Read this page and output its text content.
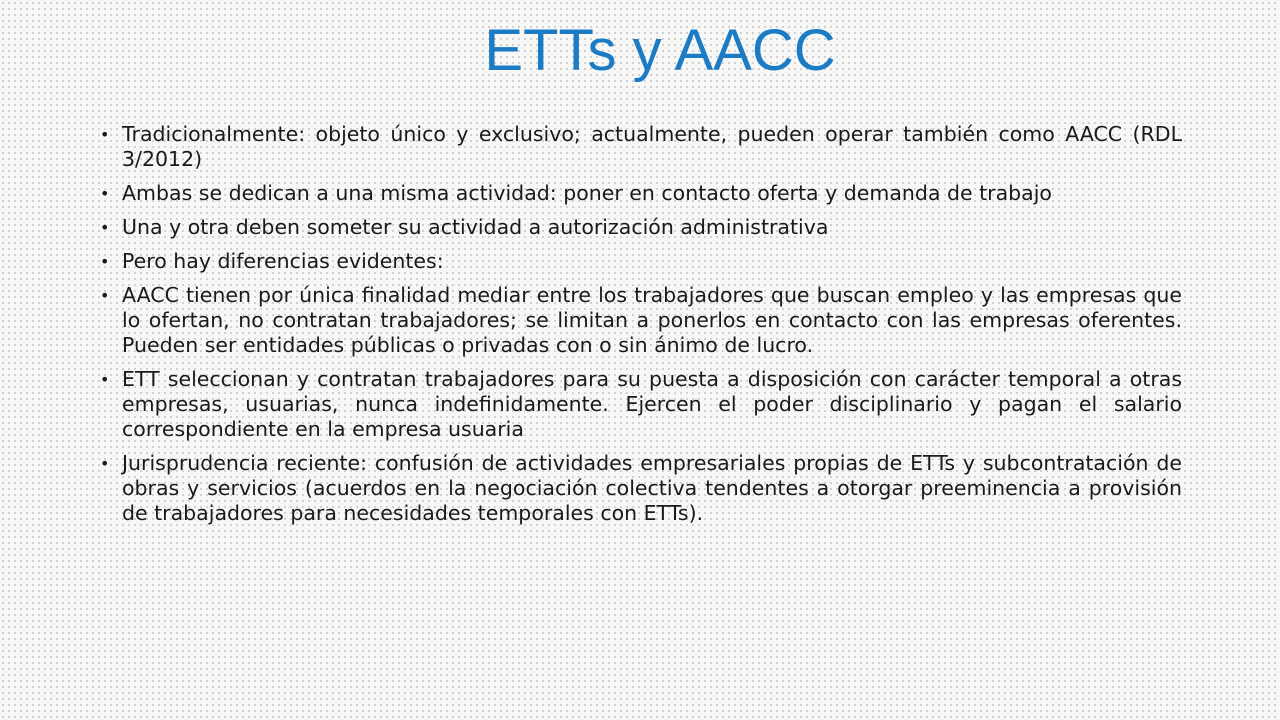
ETTs y AACC
• Tradicionalmente: objeto único y exclusivo; actualmente, pueden operar también como AACC (RDL 3/2012)
• Ambas se dedican a una misma actividad: poner en contacto oferta y demanda de trabajo
• Una y otra deben someter su actividad a autorización administrativa
• Pero hay diferencias evidentes:
• AACC tienen por única finalidad mediar entre los trabajadores que buscan empleo y las empresas que lo ofertan, no contratan trabajadores; se limitan a ponerlos en contacto con las empresas oferentes. Pueden ser entidades públicas o privadas con o sin ánimo de lucro.
• ETT seleccionan y contratan trabajadores para su puesta a disposición con carácter temporal a otras empresas, usuarias, nunca indefinidamente. Ejercen el poder disciplinario y pagan el salario correspondiente en la empresa usuaria
• Jurisprudencia reciente: confusión de actividades empresariales propias de ETTs y subcontratación de obras y servicios (acuerdos en la negociación colectiva tendentes a otorgar preeminencia a provisión de trabajadores para necesidades temporales con ETTs).
